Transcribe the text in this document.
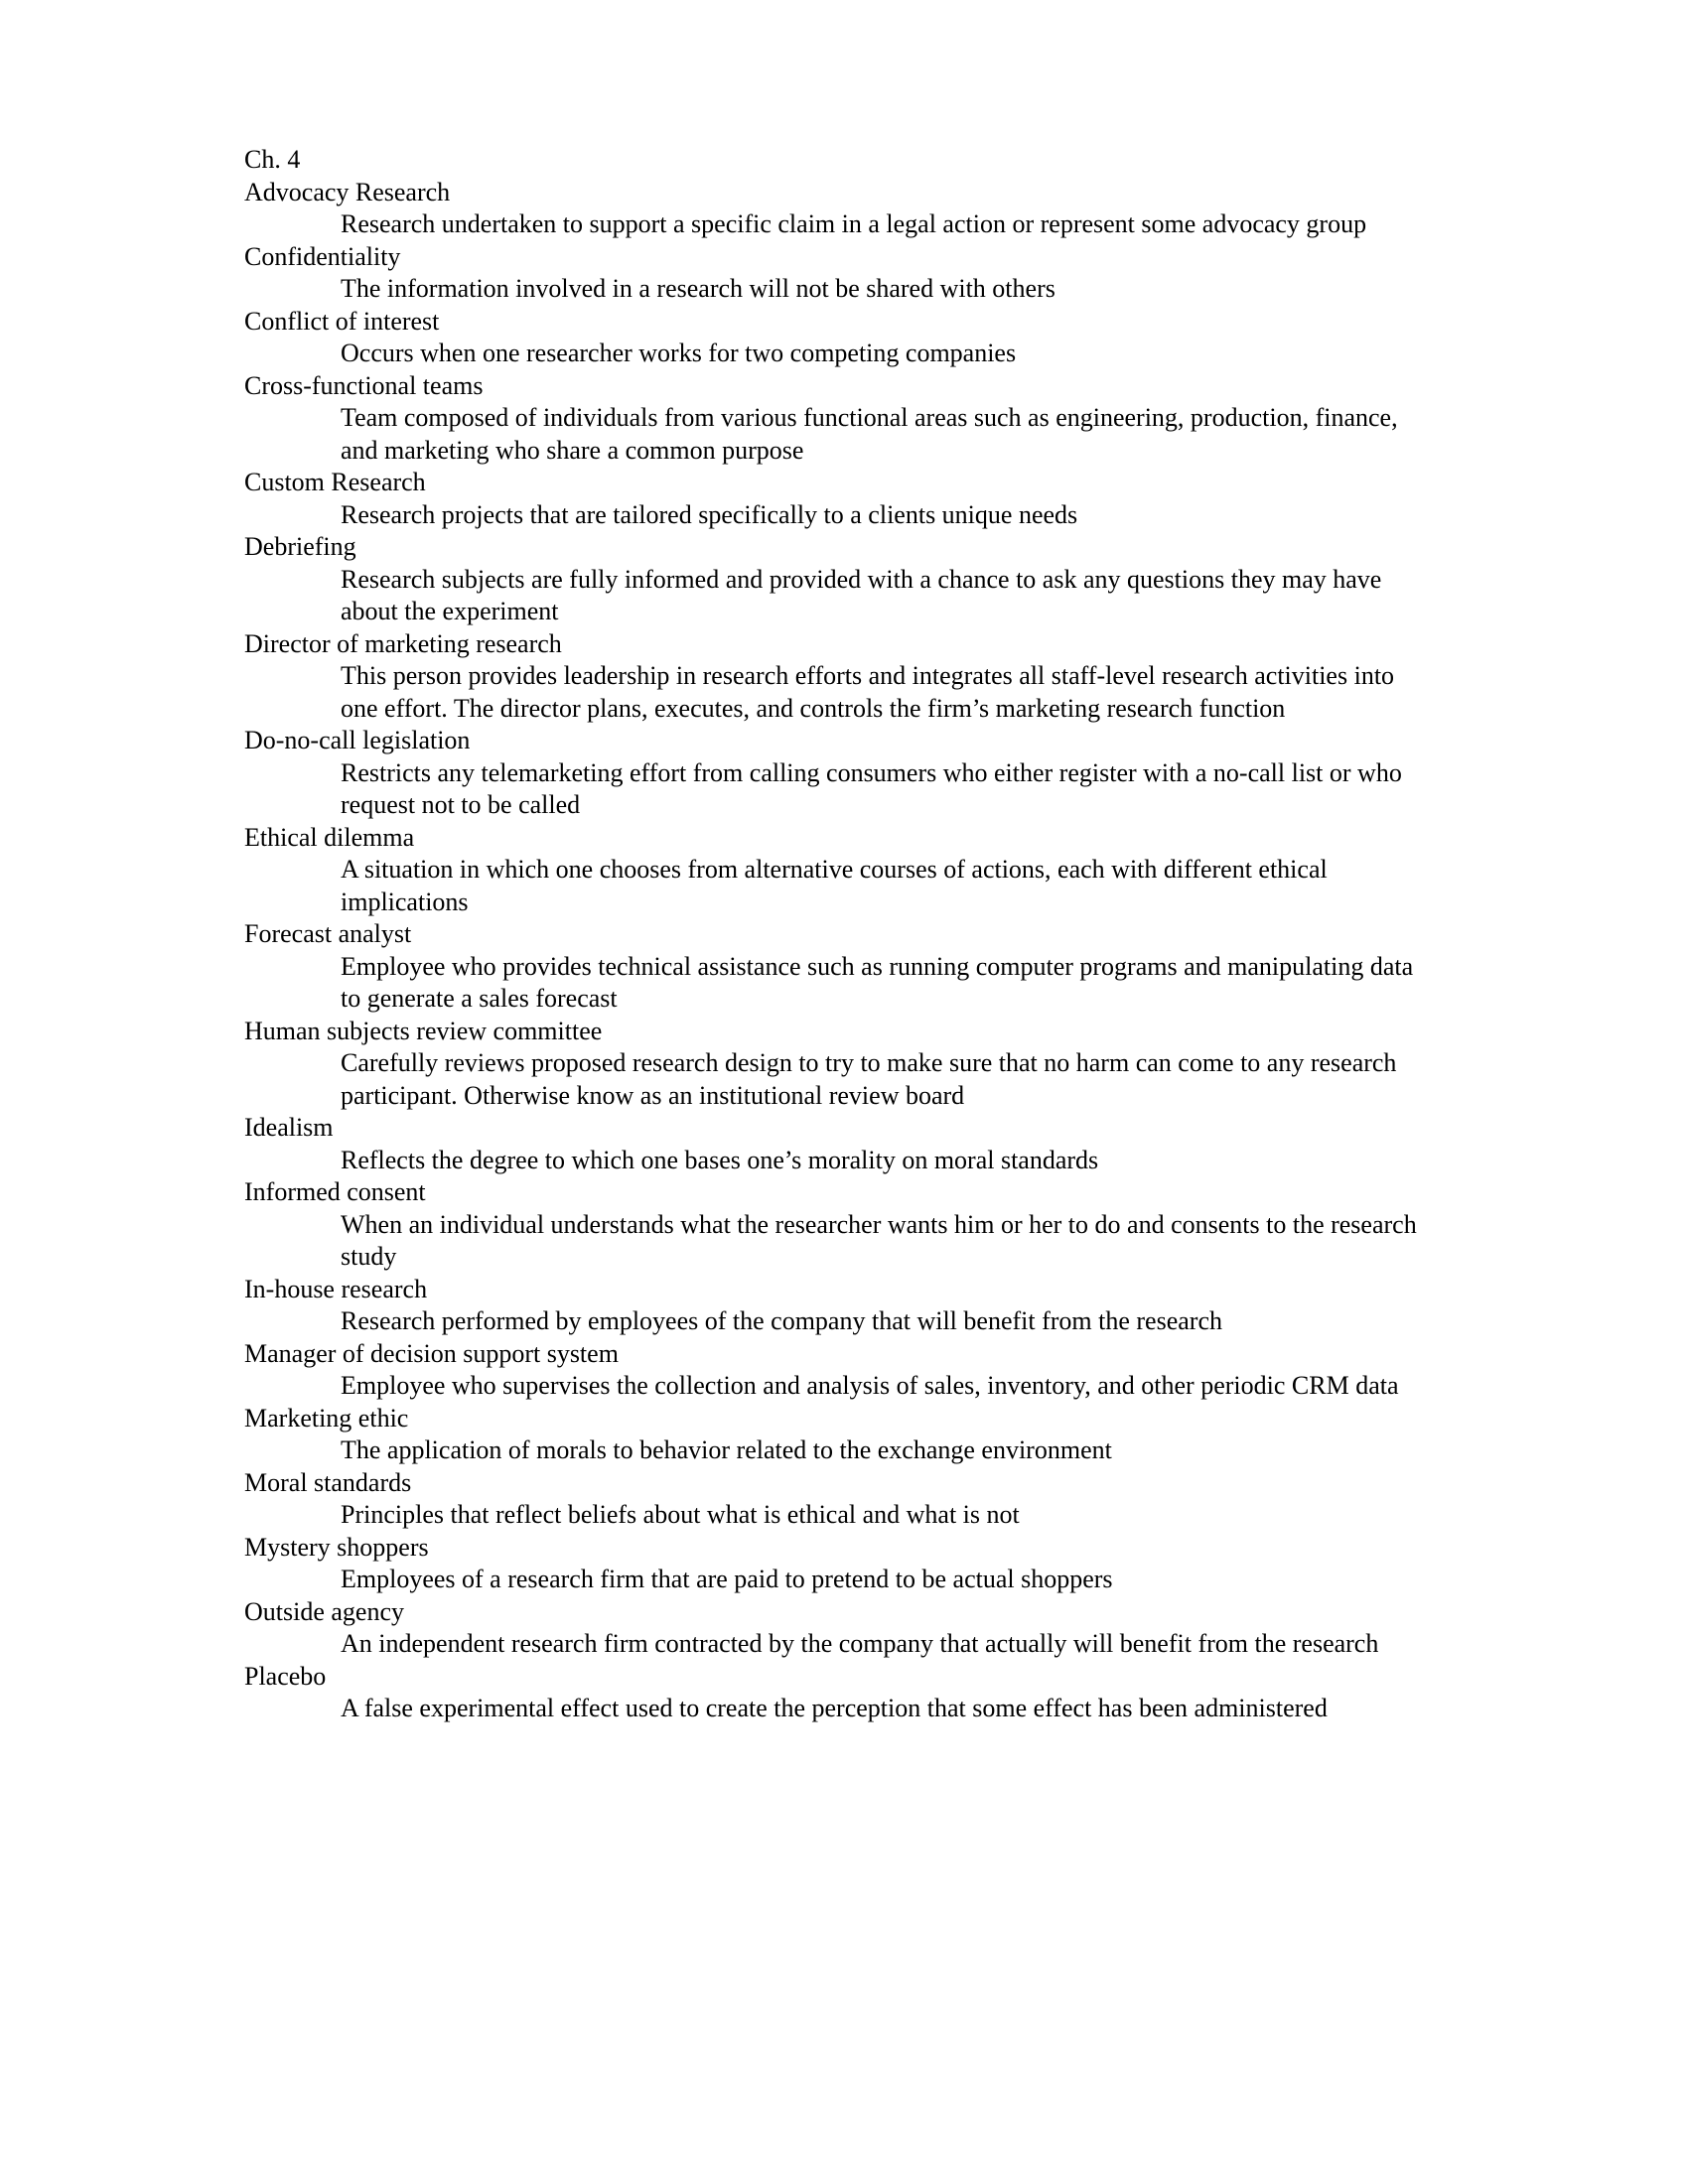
Ch. 4
Advocacy Research
Research undertaken to support a specific claim in a legal action or represent some advocacy group
Confidentiality
The information involved in a research will not be shared with others
Conflict of interest
Occurs when one researcher works for two competing companies
Cross-functional teams
Team composed of individuals from various functional areas such as engineering, production, finance, and marketing who share a common purpose
Custom Research
Research projects that are tailored specifically to a clients unique needs
Debriefing
Research subjects are fully informed and provided with a chance to ask any questions they may have about the experiment
Director of marketing research
This person provides leadership in research efforts and integrates all staff-level research activities into one effort. The director plans, executes, and controls the firm’s marketing research function
Do-no-call legislation
Restricts any telemarketing effort from calling consumers who either register with a no-call list or who request not to be called
Ethical dilemma
A situation in which one chooses from alternative courses of actions, each with different ethical implications
Forecast analyst
Employee who provides technical assistance such as running computer programs and manipulating data to generate a sales forecast
Human subjects review committee
Carefully reviews proposed research design to try to make sure that no harm can come to any research participant. Otherwise know as an institutional review board
Idealism
Reflects the degree to which one bases one’s morality on moral standards
Informed consent
When an individual understands what the researcher wants him or her to do and consents to the research study
In-house research
Research performed by employees of the company that will benefit from the research
Manager of decision support system
Employee who supervises the collection and analysis of sales, inventory, and other periodic CRM data
Marketing ethic
The application of morals to behavior related to the exchange environment
Moral standards
Principles that reflect beliefs about what is ethical and what is not
Mystery shoppers
Employees of a research firm that are paid to pretend to be actual shoppers
Outside agency
An independent research firm contracted by the company that actually will benefit from the research
Placebo
A false experimental effect used to create the perception that some effect has been administered
